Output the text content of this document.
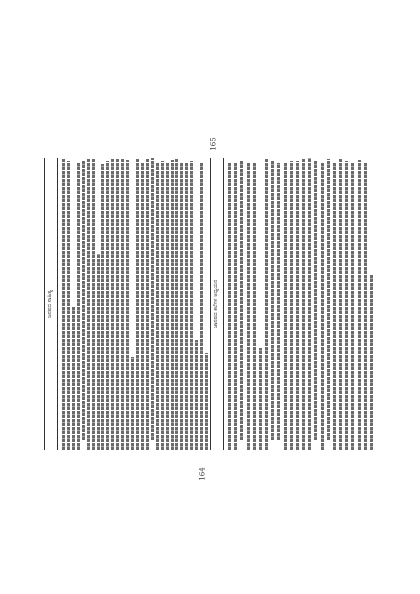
ಜನಪದ ಸಾಹಿತ್ಯ
164
ಜಾನಪದ ಕಲೆಗಳ ಅಧ್ಯಯನ
165
